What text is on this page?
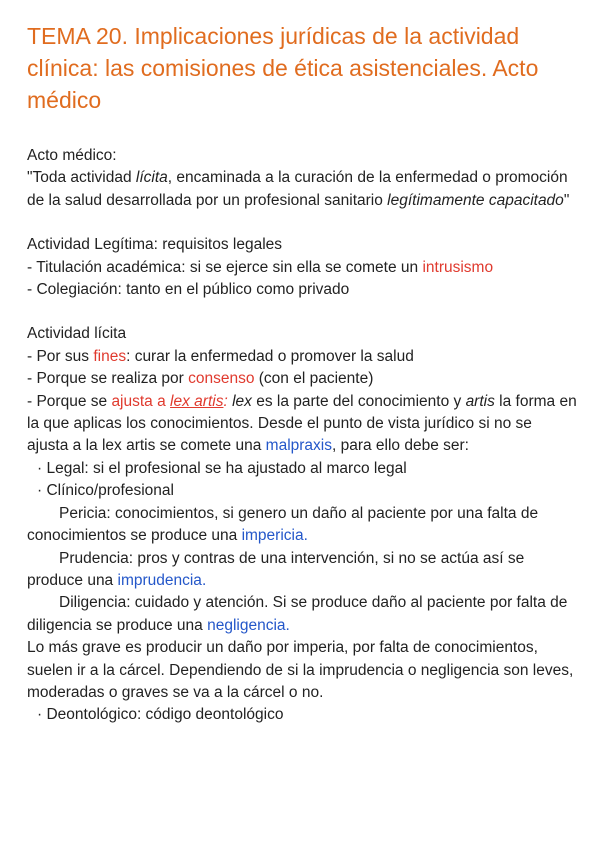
TEMA 20. Implicaciones jurídicas de la actividad clínica: las comisiones de ética asistenciales. Acto médico

Acto médico:

"Toda actividad lícita, encaminada a la curación de la enfermedad o promoción de la salud desarrollada por un profesional sanitario legítimamente capacitado"

Actividad Legítima: requisitos legales

- Titulación académica: si se ejerce sin ella se comete un intrusismo

- Colegiación: tanto en el público como privado

Actividad lícita

- Por sus fines: curar la enfermedad o promover la salud

- Porque se realiza por consenso (con el paciente)

- Porque se ajusta a lex artis: lex es la parte del conocimiento y artis la forma en la que aplicas los conocimientos. Desde el punto de vista jurídico si no se ajusta a la lex artis se comete una malpraxis, para ello debe ser:

· Legal: si el profesional se ha ajustado al marco legal

· Clínico/profesional

Pericia: conocimientos, si genero un daño al paciente por una falta de conocimientos se produce una impericia.

Prudencia: pros y contras de una intervención, si no se actúa así se produce una imprudencia.

Diligencia: cuidado y atención. Si se produce daño al paciente por falta de diligencia se produce una negligencia.

Lo más grave es producir un daño por imperia, por falta de conocimientos, suelen ir a la cárcel. Dependiendo de si la imprudencia o negligencia son leves, moderadas o graves se va a la cárcel o no.

· Deontológico: código deontológico
